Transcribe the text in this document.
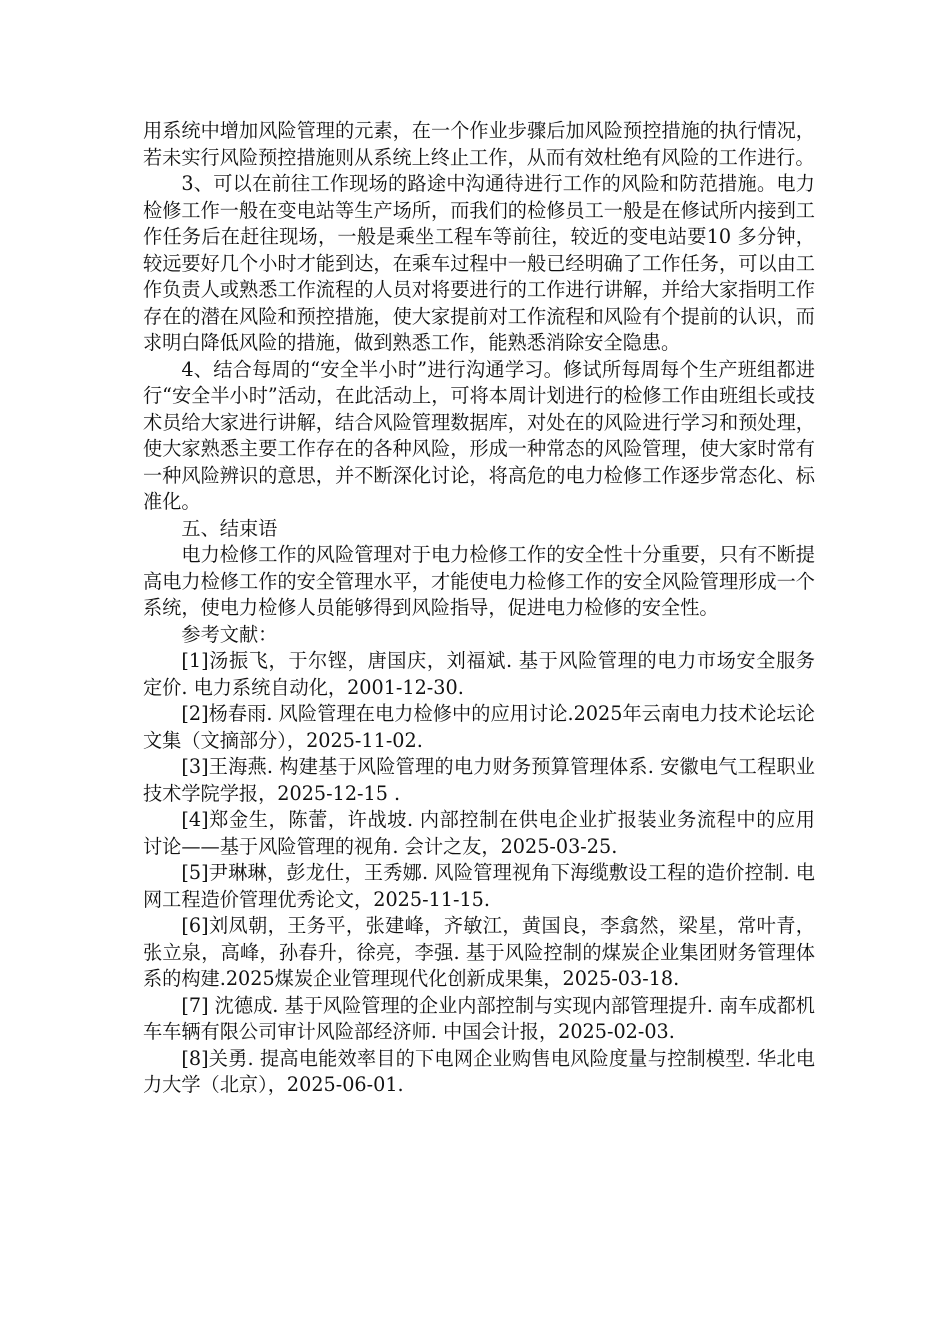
用系统中增加风险管理的元素，在一个作业步骤后加风险预控措施的执行情况，若未实行风险预控措施则从系统上终止工作，从而有效杜绝有风险的工作进行。

3、可以在前往工作现场的路途中沟通待进行工作的风险和防范措施。电力检修工作一般在变电站等生产场所，而我们的检修员工一般是在修试所内接到工作任务后在赶往现场，一般是乘坐工程车等前往，较近的变电站要10 多分钟，较远要好几个小时才能到达，在乘车过程中一般已经明确了工作任务，可以由工作负责人或熟悉工作流程的人员对将要进行的工作进行讲解，并给大家指明工作存在的潜在风险和预控措施，使大家提前对工作流程和风险有个提前的认识，而求明白降低风险的措施，做到熟悉工作，能熟悉消除安全隐患。

4、结合每周的“安全半小时”进行沟通学习。修试所每周每个生产班组都进行“安全半小时”活动，在此活动上，可将本周计划进行的检修工作由班组长或技术员给大家进行讲解，结合风险管理数据库，对处在的风险进行学习和预处理，使大家熟悉主要工作存在的各种风险，形成一种常态的风险管理，使大家时常有一种风险辨识的意思，并不断深化讨论，将高危的电力检修工作逐步常态化、标准化。

五、结束语

电力检修工作的风险管理对于电力检修工作的安全性十分重要，只有不断提高电力检修工作的安全管理水平，才能使电力检修工作的安全风险管理形成一个系统，使电力检修人员能够得到风险指导，促进电力检修的安全性。

参考文献：

[1]汤振飞，于尔铿，唐国庆，刘福斌. 基于风险管理的电力市场安全服务定价. 电力系统自动化，2001-12-30.

[2]杨春雨. 风险管理在电力检修中的应用讨论.2025年云南电力技术论坛论文集（文摘部分），2025-11-02.

[3]王海燕. 构建基于风险管理的电力财务预算管理体系. 安徽电气工程职业技术学院学报，2025-12-15 .

[4]郑金生，陈蕾，许战坡. 内部控制在供电企业扩报装业务流程中的应用讨论——基于风险管理的视角. 会计之友，2025-03-25.

[5]尹琳琳，彭龙仕，王秀娜. 风险管理视角下海缆敷设工程的造价控制. 电网工程造价管理优秀论文，2025-11-15.

[6]刘凤朝，王务平，张建峰，齐敏江，黄国良，李翕然，梁星，常叶青，张立泉，高峰，孙春升，徐亮，李强. 基于风险控制的煤炭企业集团财务管理体系的构建.2025煤炭企业管理现代化创新成果集，2025-03-18.

[7] 沈德成. 基于风险管理的企业内部控制与实现内部管理提升. 南车成都机车车辆有限公司审计风险部经济师. 中国会计报，2025-02-03.

[8]关勇. 提高电能效率目的下电网企业购售电风险度量与控制模型. 华北电力大学（北京），2025-06-01.
